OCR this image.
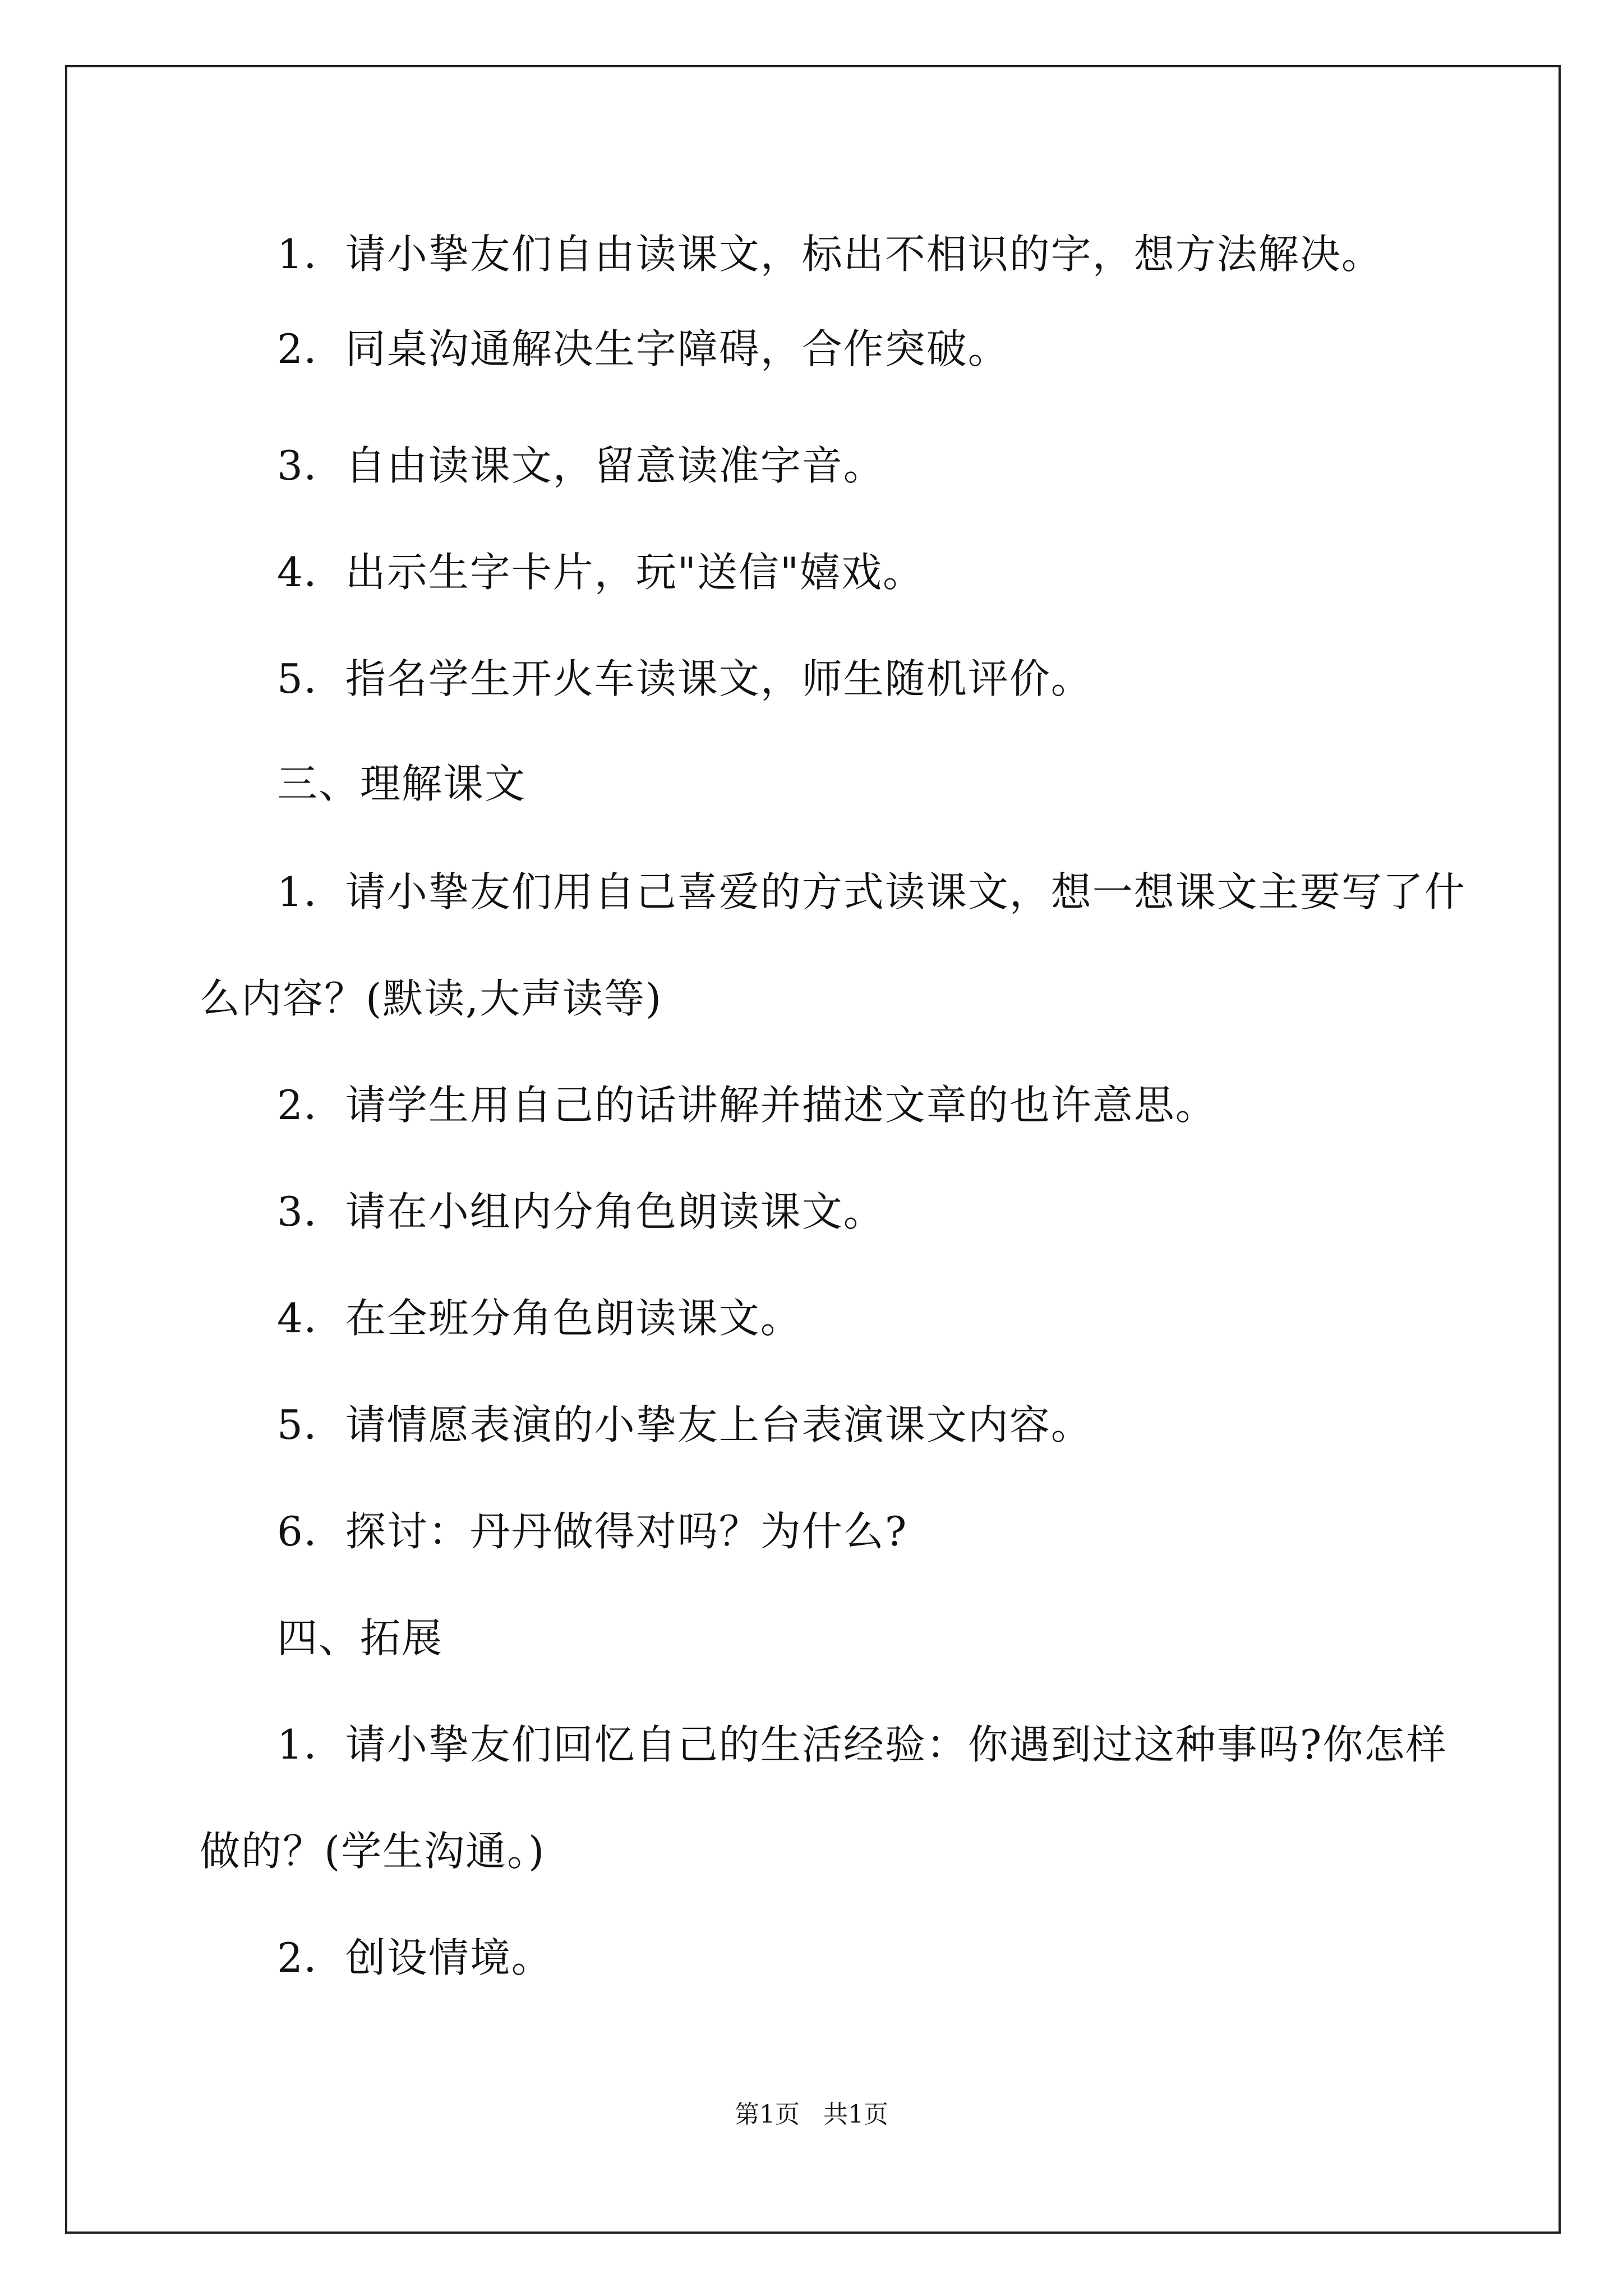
1．请小挚友们自由读课文，标出不相识的字，想方法解决。
2．同桌沟通解决生字障碍，合作突破。
3．自由读课文，留意读准字音。
4．出示生字卡片，玩"送信"嬉戏。
5．指名学生开火车读课文，师生随机评价。
三、理解课文
1．请小挚友们用自己喜爱的方式读课文，想一想课文主要写了什
么内容？(默读,大声读等)
2．请学生用自己的话讲解并描述文章的也许意思。
3．请在小组内分角色朗读课文。
4．在全班分角色朗读课文。
5．请情愿表演的小挚友上台表演课文内容。
6．探讨：丹丹做得对吗？为什么?
四、拓展
1．请小挚友们回忆自己的生活经验：你遇到过这种事吗?你怎样
做的？(学生沟通。)
2．创设情境。
第1页   共1页
